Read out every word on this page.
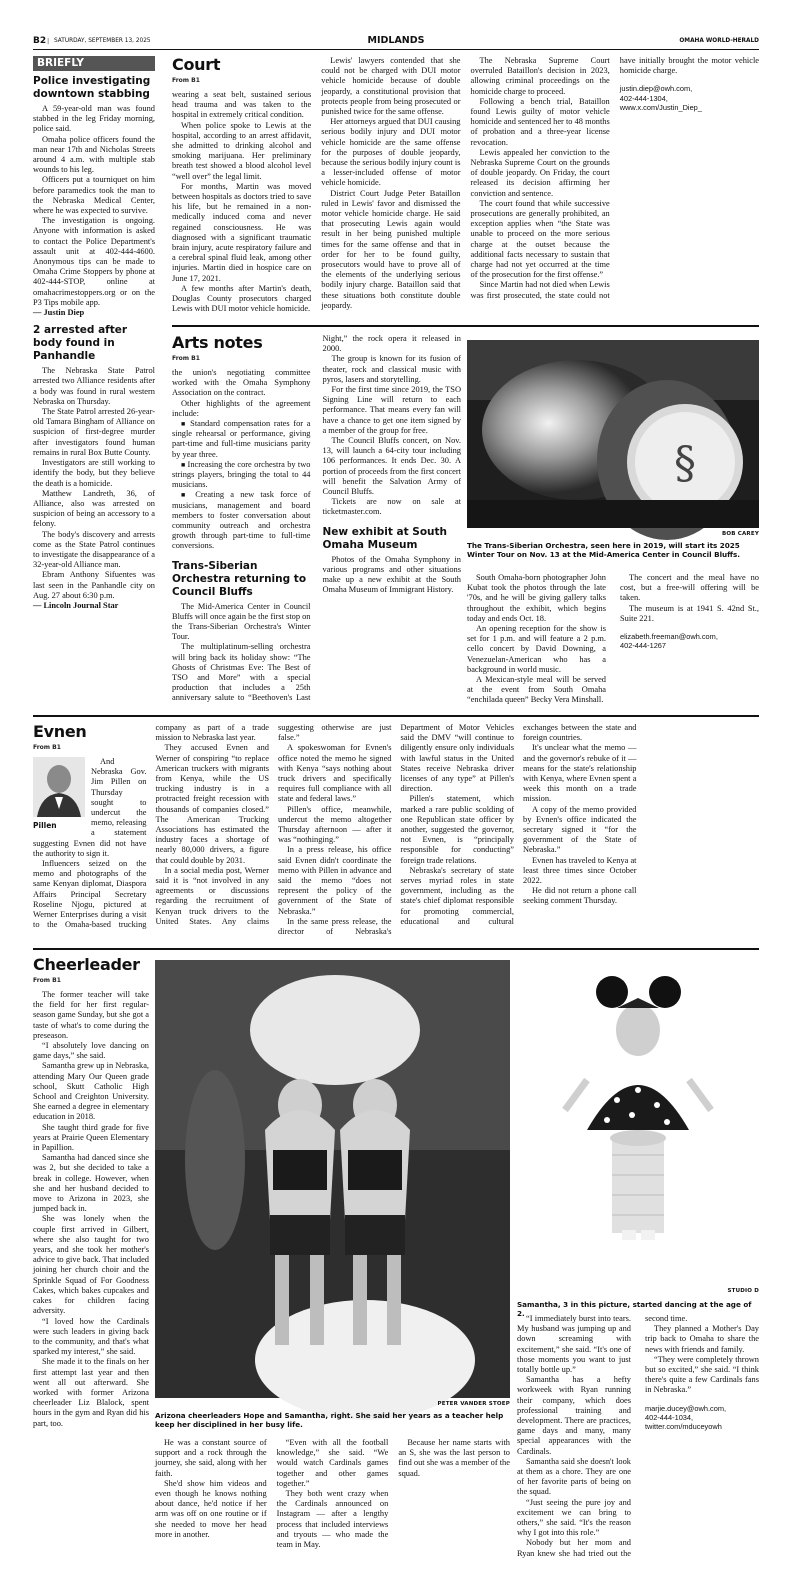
B2 | SATURDAY, SEPTEMBER 13, 2025	MIDLANDS	OMAHA WORLD-HERALD
BRIEFLY
Police investigating downtown stabbing

A 59-year-old man was found stabbed in the leg Friday morning, police said.

Omaha police officers found the man near 17th and Nicholas Streets around 4 a.m. with multiple stab wounds to his leg.

Officers put a tourniquet on him before paramedics took the man to the Nebraska Medical Center, where he was expected to survive.

The investigation is ongoing. Anyone with information is asked to contact the Police Department's assault unit at 402-444-4600. Anonymous tips can be made to Omaha Crime Stoppers by phone at 402-444-STOP, online at omahacrimestoppers.org or on the P3 Tips mobile app.

— Justin Diep
2 arrested after body found in Panhandle

The Nebraska State Patrol arrested two Alliance residents after a body was found in rural western Nebraska on Thursday.

The State Patrol arrested 26-year-old Tamara Bingham of Alliance on suspicion of first-degree murder after investigators found human remains in rural Box Butte County.

Investigators are still working to identify the body, but they believe the death is a homicide.

Matthew Landreth, 36, of Alliance, also was arrested on suspicion of being an accessory to a felony.

The body's discovery and arrests come as the State Patrol continues to investigate the disappearance of a 32-year-old Alliance man.

Ebram Anthony Sifuentes was last seen in the Panhandle city on Aug. 27 about 6:30 p.m.

— Lincoln Journal Star
Court
From B1

wearing a seat belt, sustained serious head trauma and was taken to the hospital in extremely critical condition.

When police spoke to Lewis at the hospital, according to an arrest affidavit, she admitted to drinking alcohol and smoking marijuana. Her preliminary breath test showed a blood alcohol level “well over” the legal limit.

For months, Martin was moved between hospitals as doctors tried to save his life, but he remained in a non-medically induced coma and never regained consciousness. He was diagnosed with a significant traumatic brain injury, acute respiratory failure and a cerebral spinal fluid leak, among other injuries. Martin died in hospice care on June 17, 2021.

A few months after Martin's death, Douglas County prosecutors charged Lewis with DUI motor vehicle homicide.

Lewis' lawyers contended that she could not be charged with DUI motor vehicle homicide because of double jeopardy, a constitutional provision that protects people from being prosecuted or punished twice for the same offense.

Her attorneys argued that DUI causing serious bodily injury and DUI motor vehicle homicide are the same offense for the purposes of double jeopardy, because the serious bodily injury count is a lesser-included offense of motor vehicle homicide.

District Court Judge Peter Bataillon ruled in Lewis' favor and dismissed the motor vehicle homicide charge. He said that prosecuting Lewis again would result in her being punished multiple times for the same offense and that in order for her to be found guilty, prosecutors would have to prove all of the elements of the underlying serious bodily injury charge. Bataillon said that these situations both constitute double jeopardy.

The Nebraska Supreme Court overruled Bataillon's decision in 2023, allowing criminal proceedings on the homicide charge to proceed.

Following a bench trial, Bataillon found Lewis guilty of motor vehicle homicide and sentenced her to 48 months of probation and a three-year license revocation.

Lewis appealed her conviction to the Nebraska Supreme Court on the grounds of double jeopardy. On Friday, the court released its decision affirming her conviction and sentence.

The court found that while successive prosecutions are generally prohibited, an exception applies when “the State was unable to proceed on the more serious charge at the outset because the additional facts necessary to sustain that charge had not yet occurred at the time of the prosecution for the first offense.”

Since Martin had not died when Lewis was first prosecuted, the state could not have initially brought the motor vehicle homicide charge.

justin.diep@owh.com,
402-444-1304,
www.x.com/Justin_Diep_
Arts notes
From B1

the union's negotiating committee worked with the Omaha Symphony Association on the contract.

Other highlights of the agreement include:

■ Standard compensation rates for a single rehearsal or performance, giving part-time and full-time musicians parity by year three.

■ Increasing the core orchestra by two strings players, bringing the total to 44 musicians.

■ Creating a new task force of musicians, management and board members to foster conversation about community outreach and orchestra growth through part-time to full-time conversions.

Trans-Siberian Orchestra returning to Council Bluffs

The Mid-America Center in Council Bluffs will once again be the first stop on the Trans-Siberian Orchestra's Winter Tour.

The multiplatinum-selling orchestra will bring back its holiday show: “The Ghosts of Christmas Eve: The Best of TSO and More” with a special production that includes a 25th anniversary salute to “Beethoven's Last Night,” the rock opera it released in 2000.

The group is known for its fusion of theater, rock and classical music with pyros, lasers and storytelling.

For the first time since 2019, the TSO Signing Line will return to each performance. That means every fan will have a chance to get one item signed by a member of the group for free.

The Council Bluffs concert, on Nov. 13, will launch a 64-city tour including 106 performances. It ends Dec. 30. A portion of proceeds from the first concert will benefit the Salvation Army of Council Bluffs.

Tickets are now on sale at ticketmaster.com.

New exhibit at South Omaha Museum

Photos of the Omaha Symphony in various programs and other situations make up a new exhibit at the South Omaha Museum of Immigrant History.

§
BOB CAREY
The Trans-Siberian Orchestra, seen here in 2019, will start its 2025 Winter Tour on Nov. 13 at the Mid-America Center in Council Bluffs.

South Omaha-born photographer John Kubat took the photos through the late '70s, and he will be giving gallery talks throughout the exhibit, which begins today and ends Oct. 18.

An opening reception for the show is set for 1 p.m. and will feature a 2 p.m. cello concert by David Downing, a Venezuelan-American who has a background in world music.

A Mexican-style meal will be served at the event from South Omaha “enchilada queen” Becky Vera Minshall.

The concert and the meal have no cost, but a free-will offering will be taken.

The museum is at 1941 S. 42nd St., Suite 221.

elizabeth.freeman@owh.com,
402-444-1267
Evnen
From B1
Pillen

And Nebraska Gov. Jim Pillen on Thursday sought to undercut the memo, releasing a statement suggesting Evnen did not have the authority to sign it.

Influencers seized on the memo and photographs of the same Kenyan diplomat, Diaspora Affairs Principal Secretary Roseline Njogu, pictured at Werner Enterprises during a visit to the Omaha-based trucking company as part of a trade mission to Nebraska last year.

They accused Evnen and Werner of conspiring “to replace American truckers with migrants from Kenya, while the US trucking industry is in a protracted freight recession with thousands of companies closed.” The American Trucking Associations has estimated the industry faces a shortage of nearly 80,000 drivers, a figure that could double by 2031.

In a social media post, Werner said it is “not involved in any agreements or discussions regarding the recruitment of Kenyan truck drivers to the United States. Any claims suggesting otherwise are just false.”

A spokeswoman for Evnen's office noted the memo he signed with Kenya “says nothing about truck drivers and specifically requires full compliance with all state and federal laws.”

Pillen's office, meanwhile, undercut the memo altogether Thursday afternoon — after it was “nothinging.”

In a press release, his office said Evnen didn't coordinate the memo with Pillen in advance and said the memo “does not represent the policy of the government of the State of Nebraska.”

In the same press release, the director of Nebraska's Department of Motor Vehicles said the DMV “will continue to diligently ensure only individuals with lawful status in the United States receive Nebraska driver licenses of any type” at Pillen's direction.

Pillen's statement, which marked a rare public scolding of one Republican state officer by another, suggested the governor, not Evnen, is “principally responsible for conducting” foreign trade relations.

Nebraska's secretary of state serves myriad roles in state government, including as the state's chief diplomat responsible for promoting commercial, educational and cultural exchanges between the state and foreign countries.

It's unclear what the memo — and the governor's rebuke of it — means for the state's relationship with Kenya, where Evnen spent a week this month on a trade mission.

A copy of the memo provided by Evnen's office indicated the secretary signed it “for the government of the State of Nebraska.”

Evnen has traveled to Kenya at least three times since October 2022.

He did not return a phone call seeking comment Thursday.

Cheerleader
From B1

The former teacher will take the field for her first regular-season game Sunday, but she got a taste of what's to come during the preseason.

“I absolutely love dancing on game days,” she said.

Samantha grew up in Nebraska, attending Mary Our Queen grade school, Skutt Catholic High School and Creighton University. She earned a degree in elementary education in 2018.

She taught third grade for five years at Prairie Queen Elementary in Papillion.

Samantha had danced since she was 2, but she decided to take a break in college. However, when she and her husband decided to move to Arizona in 2023, she jumped back in.

She was lonely when the couple first arrived in Gilbert, where she also taught for two years, and she took her mother's advice to give back. That included joining her church choir and the Sprinkle Squad of For Goodness Cakes, which bakes cupcakes and cakes for children facing adversity.

“I loved how the Cardinals were such leaders in giving back to the community, and that's what sparked my interest,” she said.

She made it to the finals on her first attempt last year and then went all out afterward. She worked with former Arizona cheerleader Liz Blalock, spent hours in the gym and Ryan did his part, too.

PETER VANDER STOEP
Arizona cheerleaders Hope and Samantha, right. She said her years as a teacher help keep her disciplined in her busy life.

He was a constant source of support and a rock through the journey, she said, along with her faith.

She'd show him videos and even though he knows nothing about dance, he'd notice if her arm was off on one routine or if she needed to move her head more in another.

“Even with all the football knowledge,” she said. “We would watch Cardinals games together and other games together.”

They both went crazy when the Cardinals announced on Instagram — after a lengthy process that included interviews and tryouts — who made the team in May.

Because her name starts with an S, she was the last person to find out she was a member of the squad.

STUDIO D
Samantha, 3 in this picture, started dancing at the age of 2.

“I immediately burst into tears. My husband was jumping up and down screaming with excitement,” she said. “It's one of those moments you want to just totally bottle up.”

Samantha has a hefty workweek with Ryan running their company, which does professional training and development. There are practices, game days and many, many special appearances with the Cardinals.

Samantha said she doesn't look at them as a chore. They are one of her favorite parts of being on the squad.

“Just seeing the pure joy and excitement we can bring to others,” she said. “It's the reason why I got into this role.”

Nobody but her mom and Ryan knew she had tried out the second time.

They planned a Mother's Day trip back to Omaha to share the news with friends and family.

“They were completely thrown but so excited,” she said. “I think there's quite a few Cardinals fans in Nebraska.”

marjie.ducey@owh.com,
402-444-1034,
twitter.com/mduceyowh
